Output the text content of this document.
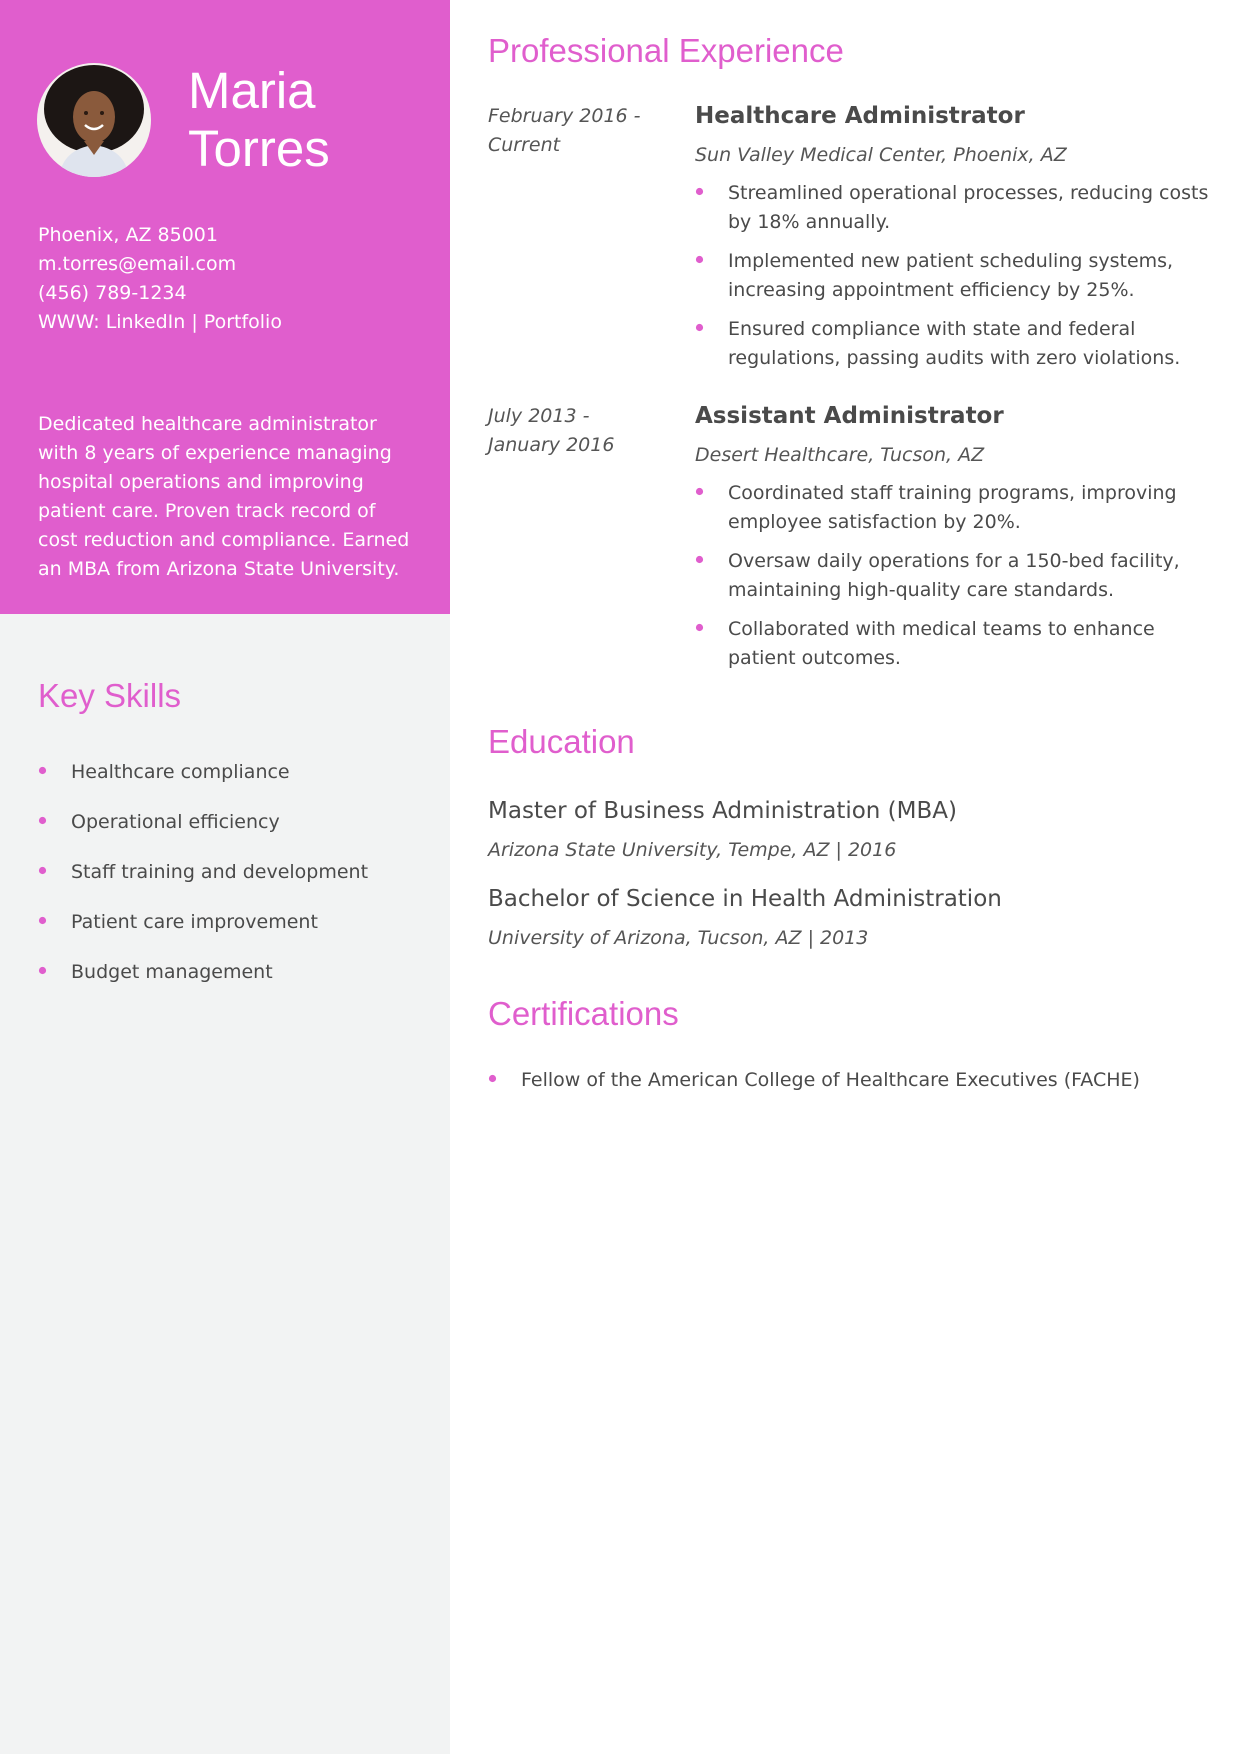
Maria
Torres
Phoenix, AZ 85001
m.torres@email.com
(456) 789-1234
WWW: LinkedIn | Portfolio
Dedicated healthcare administrator with 8 years of experience managing hospital operations and improving patient care. Proven track record of cost reduction and compliance. Earned an MBA from Arizona State University.
Key Skills
Healthcare compliance
Operational efficiency
Staff training and development
Patient care improvement
Budget management
Professional Experience
February 2016 - Current
Healthcare Administrator
Sun Valley Medical Center, Phoenix, AZ
Streamlined operational processes, reducing costs by 18% annually.
Implemented new patient scheduling systems, increasing appointment efficiency by 25%.
Ensured compliance with state and federal regulations, passing audits with zero violations.
July 2013 - January 2016
Assistant Administrator
Desert Healthcare, Tucson, AZ
Coordinated staff training programs, improving employee satisfaction by 20%.
Oversaw daily operations for a 150-bed facility, maintaining high-quality care standards.
Collaborated with medical teams to enhance patient outcomes.
Education
Master of Business Administration (MBA)
Arizona State University, Tempe, AZ | 2016
Bachelor of Science in Health Administration
University of Arizona, Tucson, AZ | 2013
Certifications
Fellow of the American College of Healthcare Executives (FACHE)
